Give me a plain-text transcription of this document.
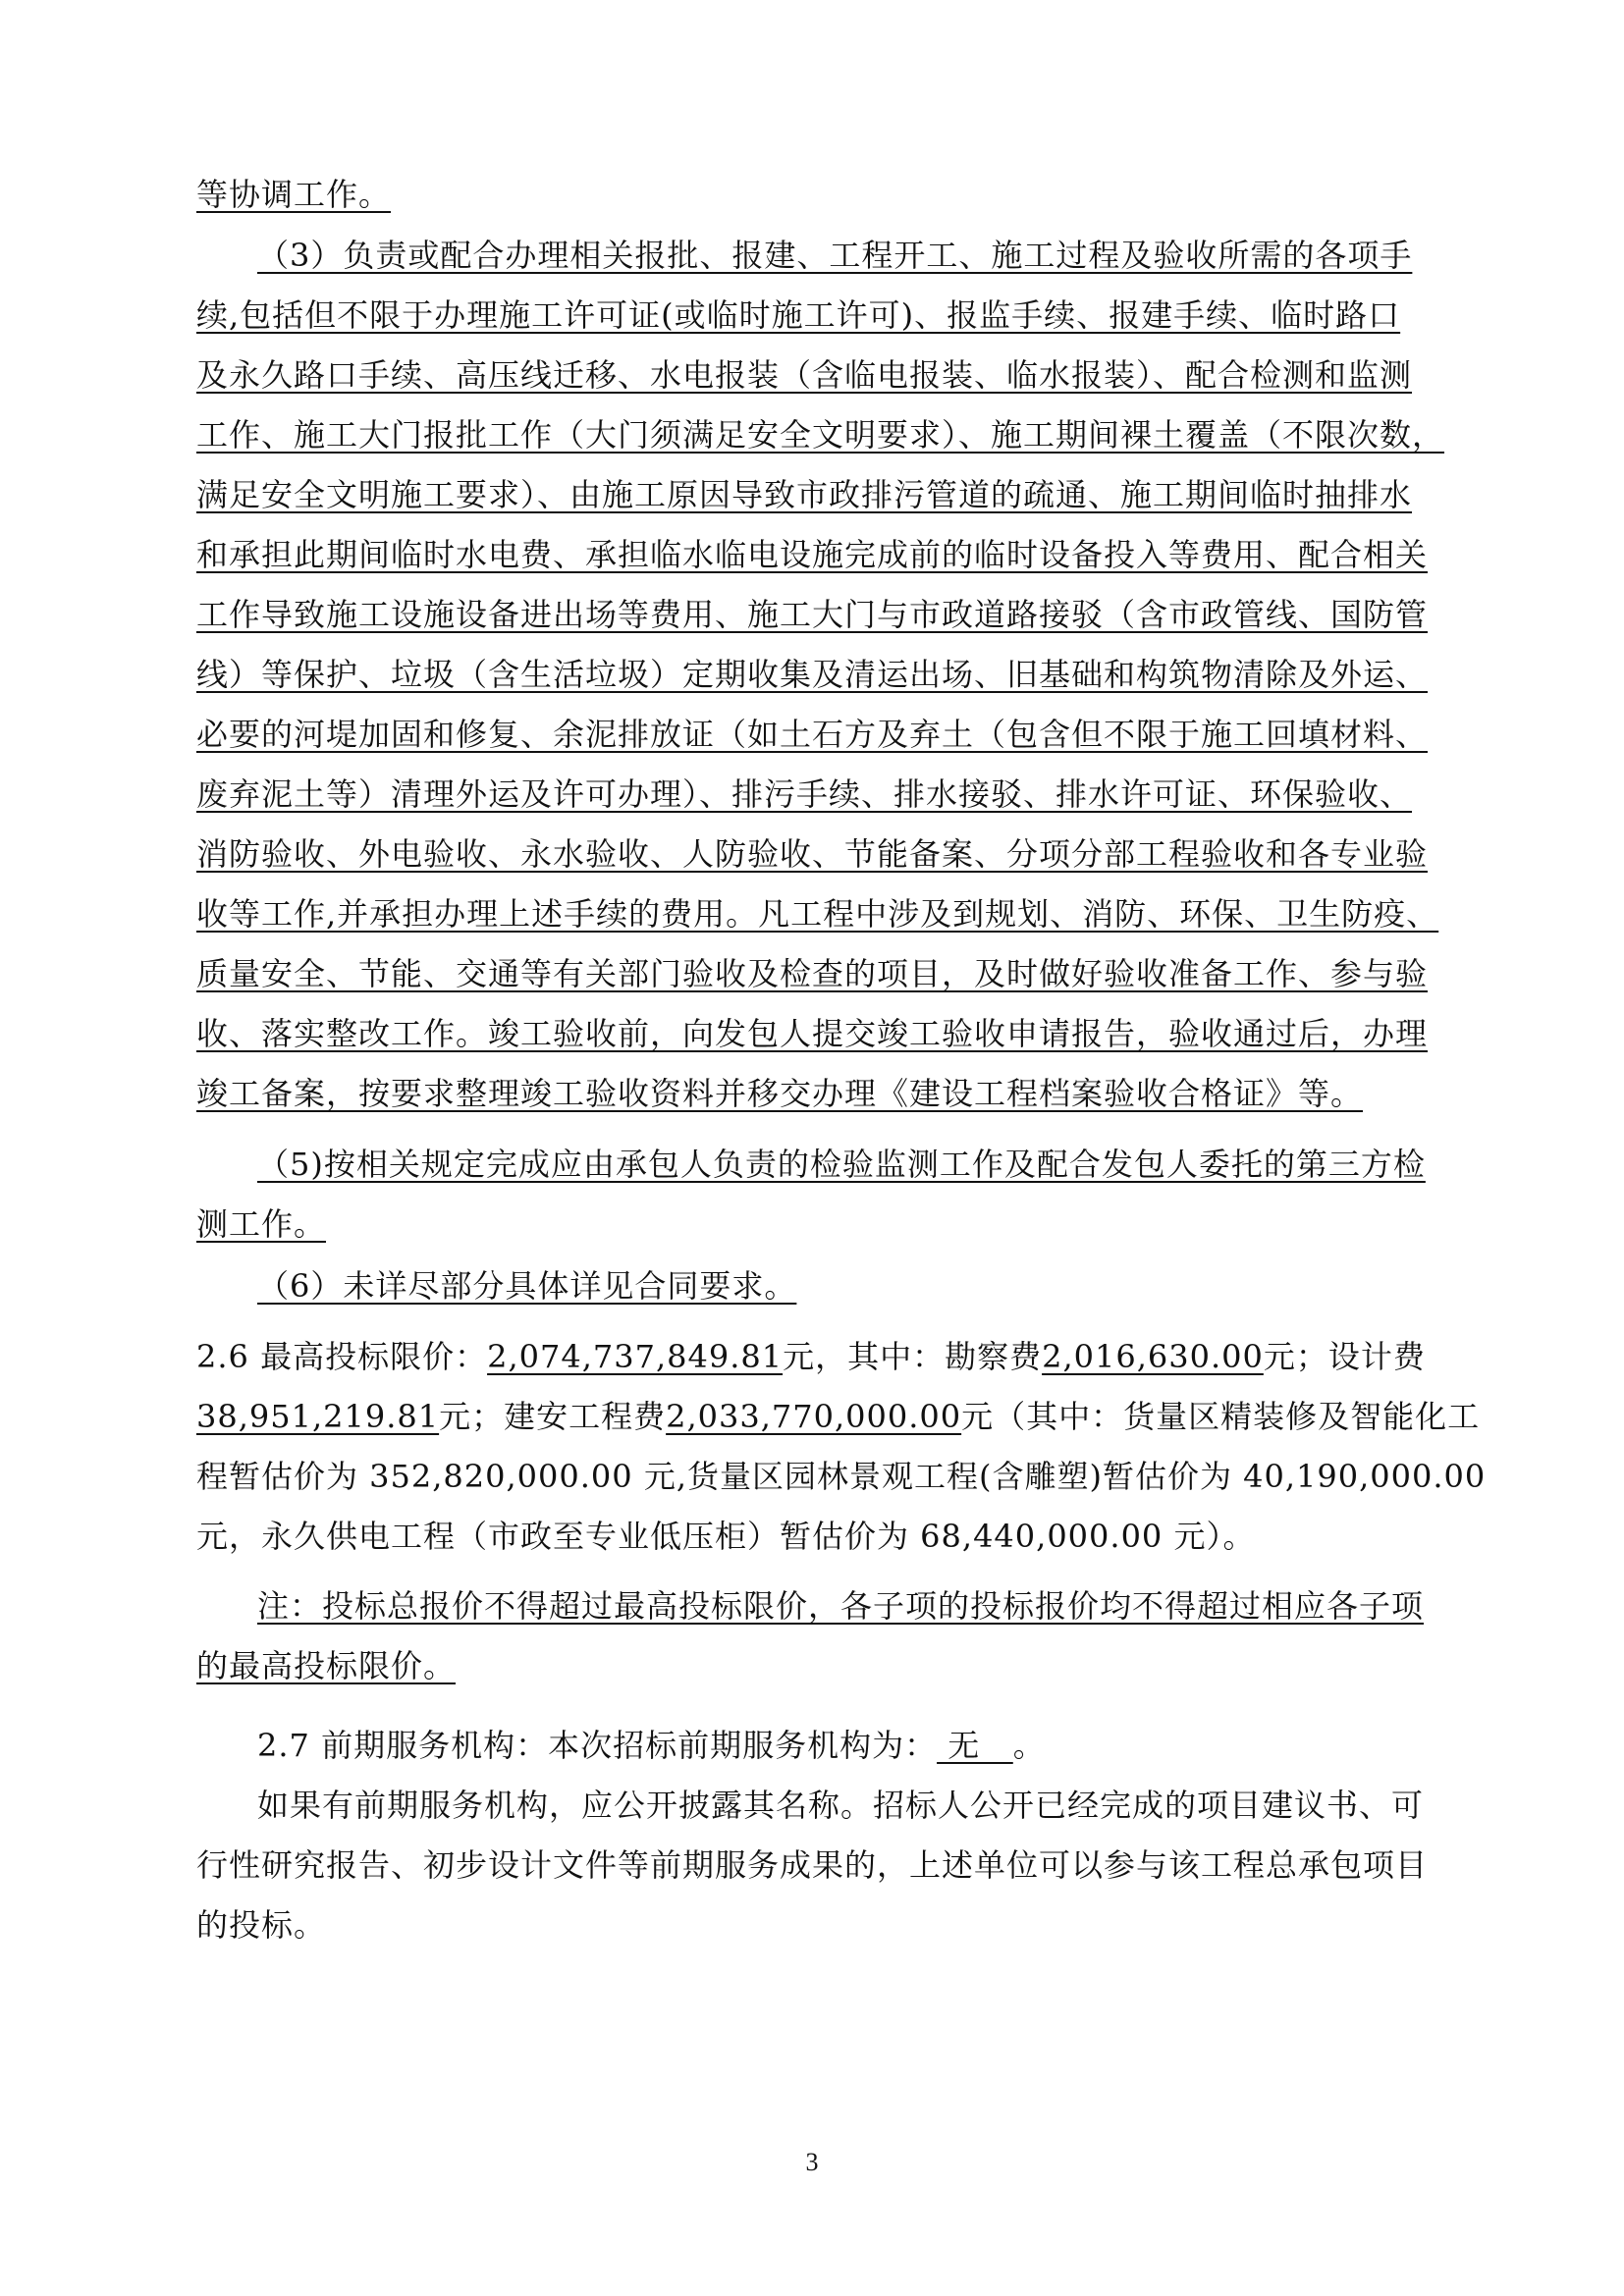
等协调工作。

（3）负责或配合办理相关报批、报建、工程开工、施工过程及验收所需的各项手

续,包括但不限于办理施工许可证(或临时施工许可)、报监手续、报建手续、临时路口

及永久路口手续、高压线迁移、水电报装（含临电报装、临水报装）、配合检测和监测

工作、施工大门报批工作（大门须满足安全文明要求）、施工期间裸土覆盖（不限次数，

满足安全文明施工要求）、由施工原因导致市政排污管道的疏通、施工期间临时抽排水

和承担此期间临时水电费、承担临水临电设施完成前的临时设备投入等费用、配合相关

工作导致施工设施设备进出场等费用、施工大门与市政道路接驳（含市政管线、国防管

线）等保护、垃圾（含生活垃圾）定期收集及清运出场、旧基础和构筑物清除及外运、

必要的河堤加固和修复、余泥排放证（如土石方及弃土（包含但不限于施工回填材料、

废弃泥土等）清理外运及许可办理）、排污手续、排水接驳、排水许可证、环保验收、

消防验收、外电验收、永水验收、人防验收、节能备案、分项分部工程验收和各专业验

收等工作,并承担办理上述手续的费用。凡工程中涉及到规划、消防、环保、卫生防疫、

质量安全、节能、交通等有关部门验收及检查的项目，及时做好验收准备工作、参与验

收、落实整改工作。竣工验收前，向发包人提交竣工验收申请报告，验收通过后，办理

竣工备案，按要求整理竣工验收资料并移交办理《建设工程档案验收合格证》等。

（5)按相关规定完成应由承包人负责的检验监测工作及配合发包人委托的第三方检

测工作。

（6）未详尽部分具体详见合同要求。

2.6 最高投标限价：2,074,737,849.81元，其中：勘察费2,016,630.00元；设计费

38,951,219.81元；建安工程费2,033,770,000.00元（其中：货量区精装修及智能化工

程暂估价为 352,820,000.00 元,货量区园林景观工程(含雕塑)暂估价为 40,190,000.00

元，永久供电工程（市政至专业低压柜）暂估价为 68,440,000.00 元）。

注：投标总报价不得超过最高投标限价，各子项的投标报价均不得超过相应各子项

的最高投标限价。

2.7 前期服务机构：本次招标前期服务机构为： 无   。

如果有前期服务机构，应公开披露其名称。招标人公开已经完成的项目建议书、可

行性研究报告、初步设计文件等前期服务成果的，上述单位可以参与该工程总承包项目

的投标。

3
